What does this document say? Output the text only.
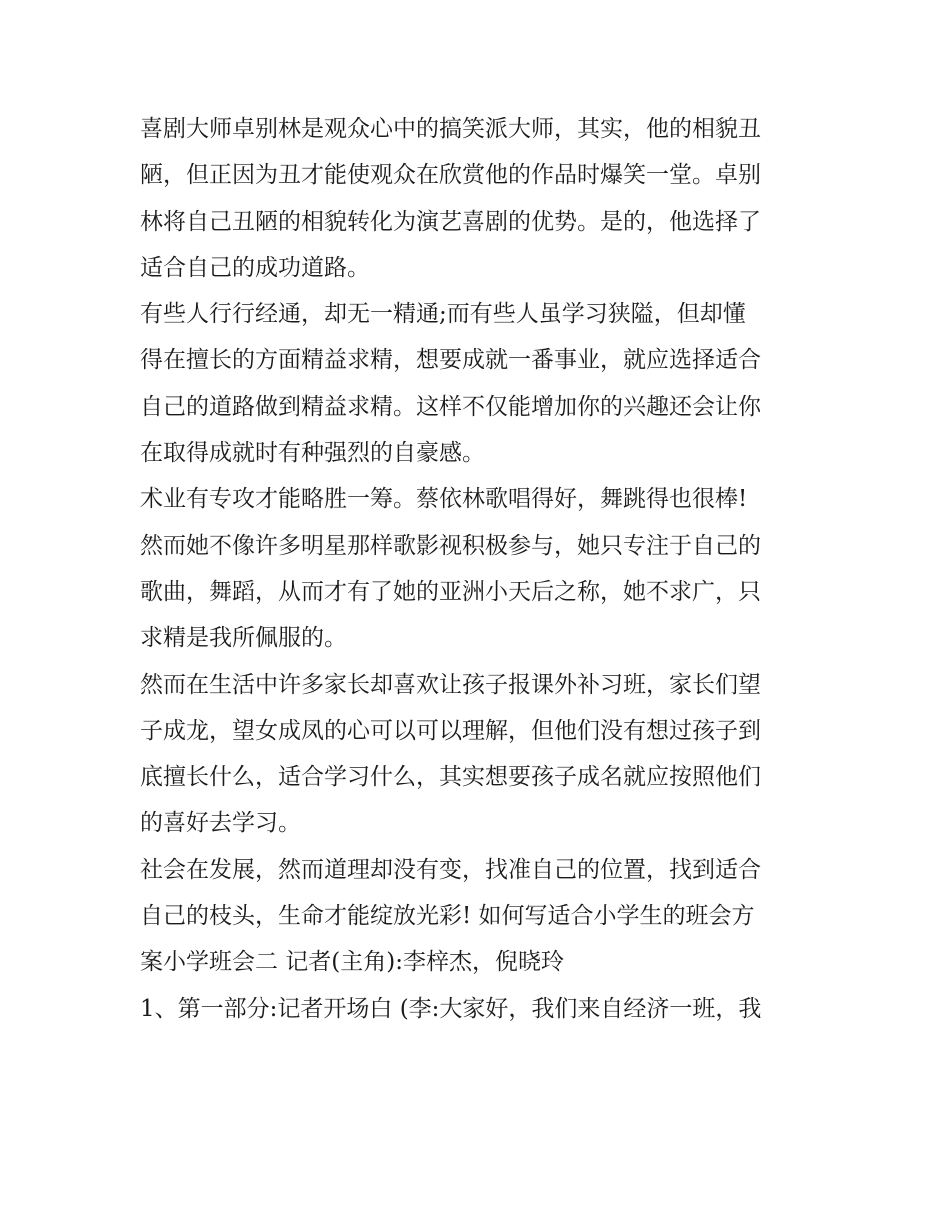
喜剧大师卓别林是观众心中的搞笑派大师，其实，他的相貌丑
陋，但正因为丑才能使观众在欣赏他的作品时爆笑一堂。卓别
林将自己丑陋的相貌转化为演艺喜剧的优势。是的，他选择了
适合自己的成功道路。
有些人行行经通，却无一精通;而有些人虽学习狭隘，但却懂
得在擅长的方面精益求精，想要成就一番事业，就应选择适合
自己的道路做到精益求精。这样不仅能增加你的兴趣还会让你
在取得成就时有种强烈的自豪感。
术业有专攻才能略胜一筹。蔡依林歌唱得好，舞跳得也很棒!
然而她不像许多明星那样歌影视积极参与，她只专注于自己的
歌曲，舞蹈，从而才有了她的亚洲小天后之称，她不求广，只
求精是我所佩服的。
然而在生活中许多家长却喜欢让孩子报课外补习班，家长们望
子成龙，望女成凤的心可以可以理解，但他们没有想过孩子到
底擅长什么，适合学习什么，其实想要孩子成名就应按照他们
的喜好去学习。
社会在发展，然而道理却没有变，找准自己的位置，找到适合
自己的枝头，生命才能绽放光彩! 如何写适合小学生的班会方
案小学班会二 记者(主角):李梓杰，倪晓玲
1、第一部分:记者开场白 (李:大家好，我们来自经济一班，我
